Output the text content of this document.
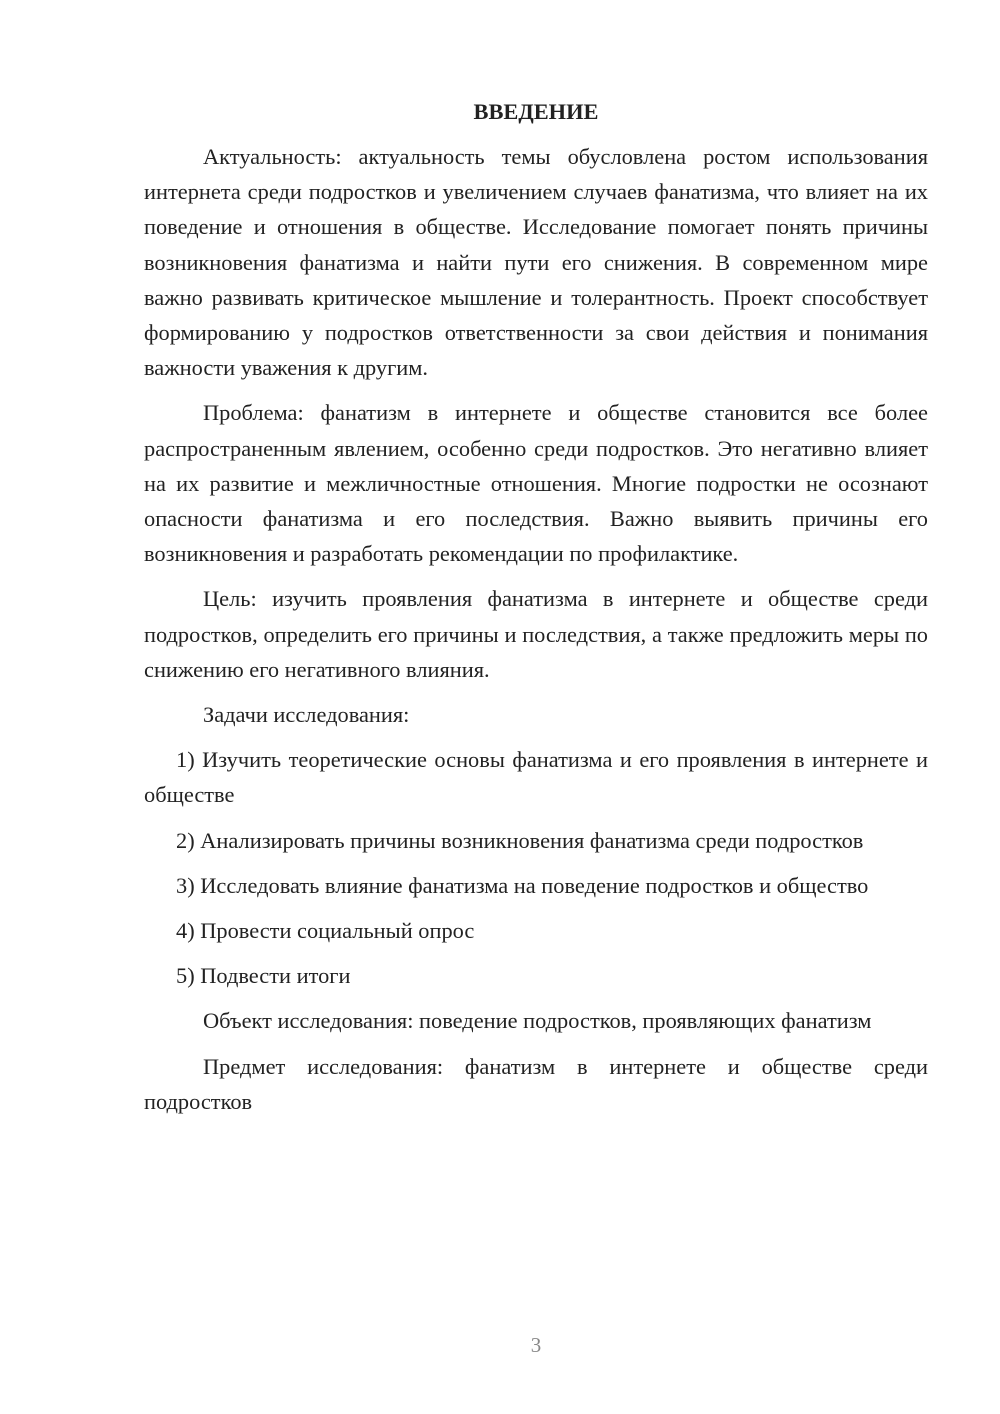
ВВЕДЕНИЕ

Актуальность: актуальность темы обусловлена ростом использования интернета среди подростков и увеличением случаев фанатизма, что влияет на их поведение и отношения в обществе. Исследование помогает понять причины возникновения фанатизма и найти пути его снижения. В современном мире важно развивать критическое мышление и толерантность. Проект способствует формированию у подростков ответственности за свои действия и понимания важности уважения к другим.

Проблема: фанатизм в интернете и обществе становится все более распространенным явлением, особенно среди подростков. Это негативно влияет на их развитие и межличностные отношения. Многие подростки не осознают опасности фанатизма и его последствия. Важно выявить причины его возникновения и разработать рекомендации по профилактике.

Цель: изучить проявления фанатизма в интернете и обществе среди подростков, определить его причины и последствия, а также предложить меры по снижению его негативного влияния.

Задачи исследования:

1) Изучить теоретические основы фанатизма и его проявления в интернете и обществе

2) Анализировать причины возникновения фанатизма среди подростков

3) Исследовать влияние фанатизма на поведение подростков и общество

4) Провести социальный опрос

5) Подвести итоги

Объект исследования: поведение подростков, проявляющих фанатизм

Предмет исследования: фанатизм в интернете и обществе среди подростков

3
